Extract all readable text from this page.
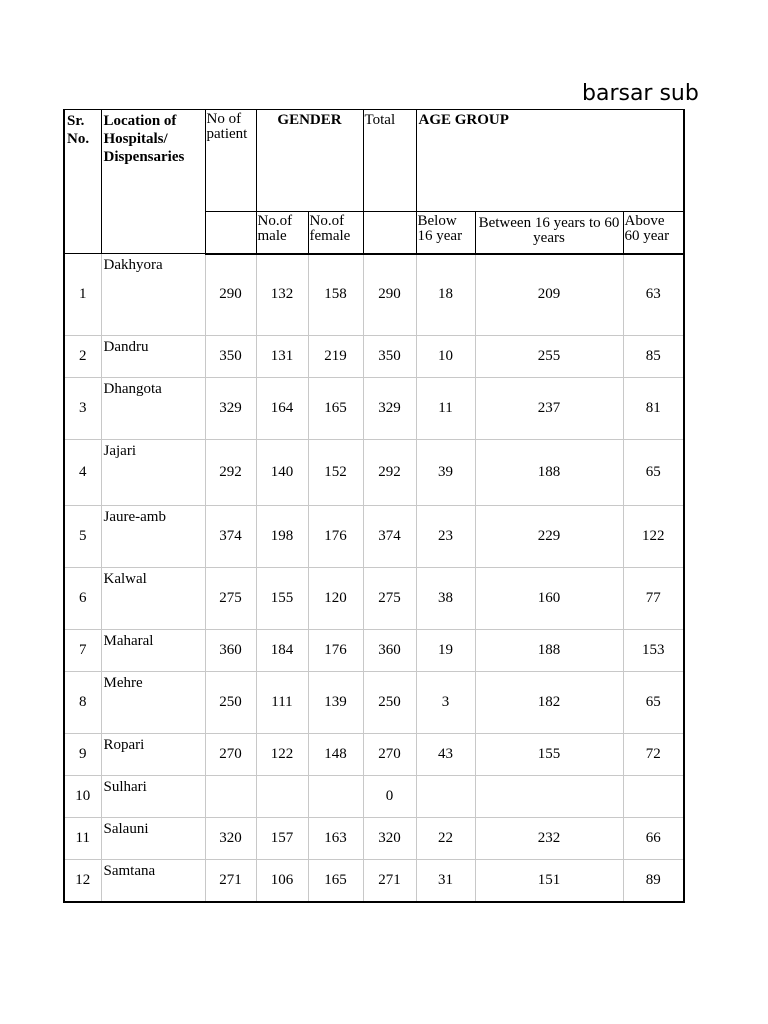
barsar sub
Sr. No.	Location of Hospitals/ Dispensaries	No of patient	GENDER		Total	AGE GROUP		
			No.of male	No.of female		Below 16 year	Between 16 years to 60 years	Above 60 year
1	Dakhyora	290	132	158	290	18	209	63
2	Dandru	350	131	219	350	10	255	85
3	Dhangota	329	164	165	329	11	237	81
4	Jajari	292	140	152	292	39	188	65
5	Jaure-amb	374	198	176	374	23	229	122
6	Kalwal	275	155	120	275	38	160	77
7	Maharal	360	184	176	360	19	188	153
8	Mehre	250	111	139	250	3	182	65
9	Ropari	270	122	148	270	43	155	72
10	Sulhari				0			
11	Salauni	320	157	163	320	22	232	66
12	Samtana	271	106	165	271	31	151	89
